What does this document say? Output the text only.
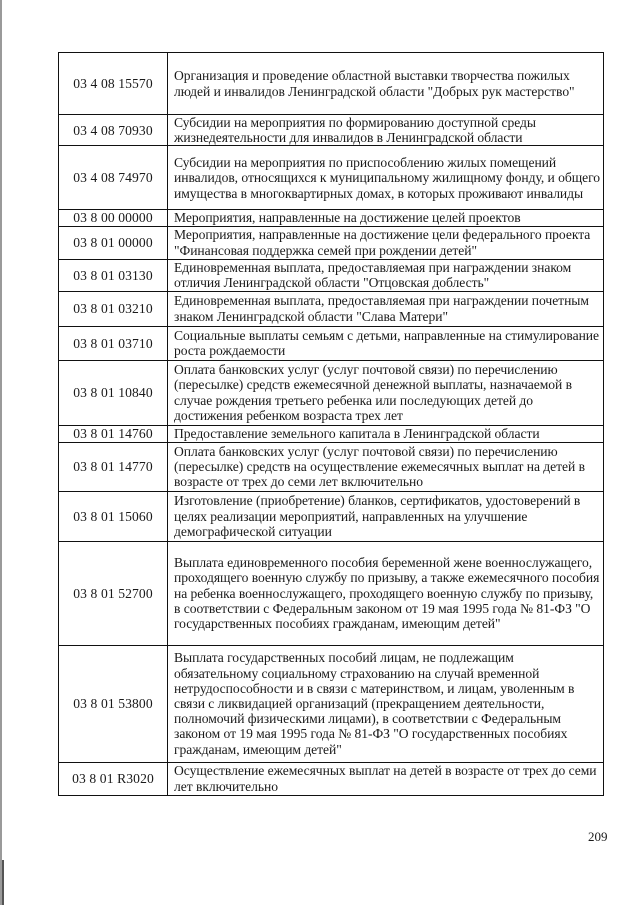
03 4 08 15570	Организация и проведение областной выставки творчества пожилых людей и инвалидов Ленинградской области "Добрых рук мастерство"
03 4 08 70930	Субсидии на мероприятия по формированию доступной среды жизнедеятельности для инвалидов в Ленинградской области
03 4 08 74970	Субсидии на мероприятия по приспособлению жилых помещений инвалидов, относящихся к муниципальному жилищному фонду, и общего имущества в многоквартирных домах, в которых проживают инвалиды
03 8 00 00000	Мероприятия, направленные на достижение целей проектов
03 8 01 00000	Мероприятия, направленные на достижение цели федерального проекта "Финансовая поддержка семей при рождении детей"
03 8 01 03130	Единовременная выплата, предоставляемая при награждении знаком отличия Ленинградской области "Отцовская доблесть"
03 8 01 03210	Единовременная выплата, предоставляемая при награждении почетным знаком Ленинградской области "Слава Матери"
03 8 01 03710	Социальные выплаты семьям с детьми, направленные на стимулирование роста рождаемости
03 8 01 10840	Оплата банковских услуг (услуг почтовой связи) по перечислению (пересылке) средств ежемесячной денежной выплаты, назначаемой в случае рождения третьего ребенка или последующих детей до достижения ребенком возраста трех лет
03 8 01 14760	Предоставление земельного капитала в Ленинградской области
03 8 01 14770	Оплата банковских услуг (услуг почтовой связи) по перечислению (пересылке) средств на осуществление ежемесячных выплат на детей в возрасте от трех до семи лет включительно
03 8 01 15060	Изготовление (приобретение) бланков, сертификатов, удостоверений в целях реализации мероприятий, направленных на улучшение демографической ситуации
03 8 01 52700	Выплата единовременного пособия беременной жене военнослужащего, проходящего военную службу по призыву, а также ежемесячного пособия на ребенка военнослужащего, проходящего военную службу по призыву, в соответствии с Федеральным законом от 19 мая 1995 года № 81-ФЗ "О государственных пособиях гражданам, имеющим детей"
03 8 01 53800	Выплата государственных пособий лицам, не подлежащим обязательному социальному страхованию на случай временной нетрудоспособности и в связи с материнством, и лицам, уволенным в связи с ликвидацией организаций (прекращением деятельности, полномочий физическими лицами), в соответствии с Федеральным законом от 19 мая 1995 года № 81-ФЗ "О государственных пособиях гражданам, имеющим детей"
03 8 01 R3020	Осуществление ежемесячных выплат на детей в возрасте от трех до семи лет включительно
209
